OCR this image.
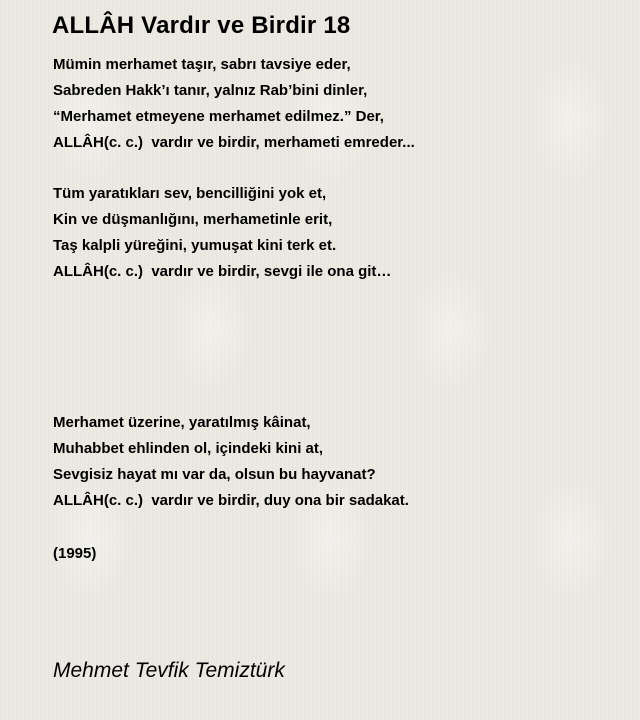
ALLÂH Vardır ve Birdir 18

Mümin merhamet taşır, sabrı tavsiye eder,
Sabreden Hakk’ı tanır, yalnız Rab’bini dinler,
“Merhamet etmeyene merhamet edilmez.” Der,
ALLÂH(c. c.)  vardır ve birdir, merhameti emreder...

Tüm yaratıkları sev, bencilliğini yok et,
Kin ve düşmanlığını, merhametinle erit,
Taş kalpli yüreğini, yumuşat kini terk et.
ALLÂH(c. c.)  vardır ve birdir, sevgi ile ona git…

Merhamet üzerine, yaratılmış kâinat,
Muhabbet ehlinden ol, içindeki kini at,
Sevgisiz hayat mı var da, olsun bu hayvanat?
ALLÂH(c. c.)  vardır ve birdir, duy ona bir sadakat.

(1995)
Mehmet Tevfik Temiztürk
